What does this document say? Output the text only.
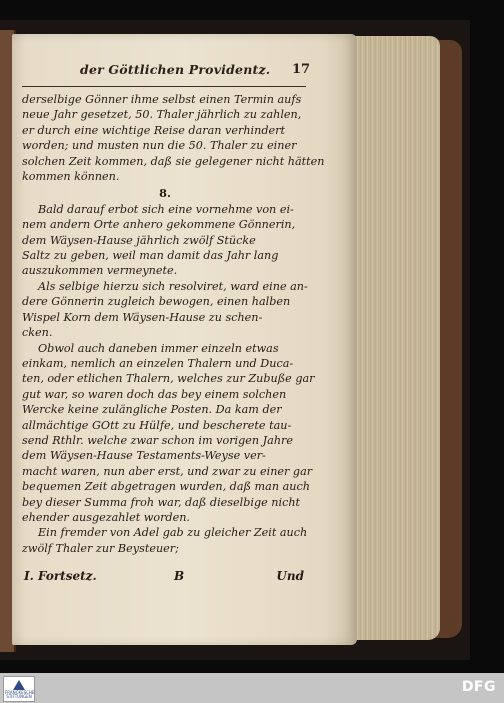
der Göttlichen Providentz. 17
derselbige Gönner ihme selbst einen Termin aufs
neue Jahr gesetzet, 50. Thaler jährlich zu zahlen,
er durch eine wichtige Reise daran verhindert
worden; und musten nun die 50. Thaler zu einer
solchen Zeit kommen, daß sie gelegener nicht hätten
kommen können.
8.
Bald darauf erbot sich eine vornehme von ei-
nem andern Orte anhero gekommene Gönnerin,
dem Wäysen-Hause jährlich zwölf Stücke
Saltz zu geben, weil man damit das Jahr lang
auszukommen vermeynete.
Als selbige hierzu sich resolviret, ward eine an-
dere Gönnerin zugleich bewogen, einen halben
Wispel Korn dem Wäysen-Hause zu schen-
cken.
Obwol auch daneben immer einzeln etwas
einkam, nemlich an einzelen Thalern und Duca-
ten, oder etlichen Thalern, welches zur Zubuße gar
gut war, so waren doch das bey einem solchen
Wercke keine zulängliche Posten. Da kam der
allmächtige GOtt zu Hülfe, und bescherete tau-
send Rthlr. welche zwar schon im vorigen Jahre
dem Wäysen-Hause Testaments-Weyse ver-
macht waren, nun aber erst, und zwar zu einer gar
bequemen Zeit abgetragen wurden, daß man auch
bey dieser Summa froh war, daß dieselbige nicht
ehender ausgezahlet worden.
Ein fremder von Adel gab zu gleicher Zeit auch
zwölf Thaler zur Beysteuer;
I. Fortsetz.	B	Und
FRANCKESCHE STIFTUNGEN
DFG
